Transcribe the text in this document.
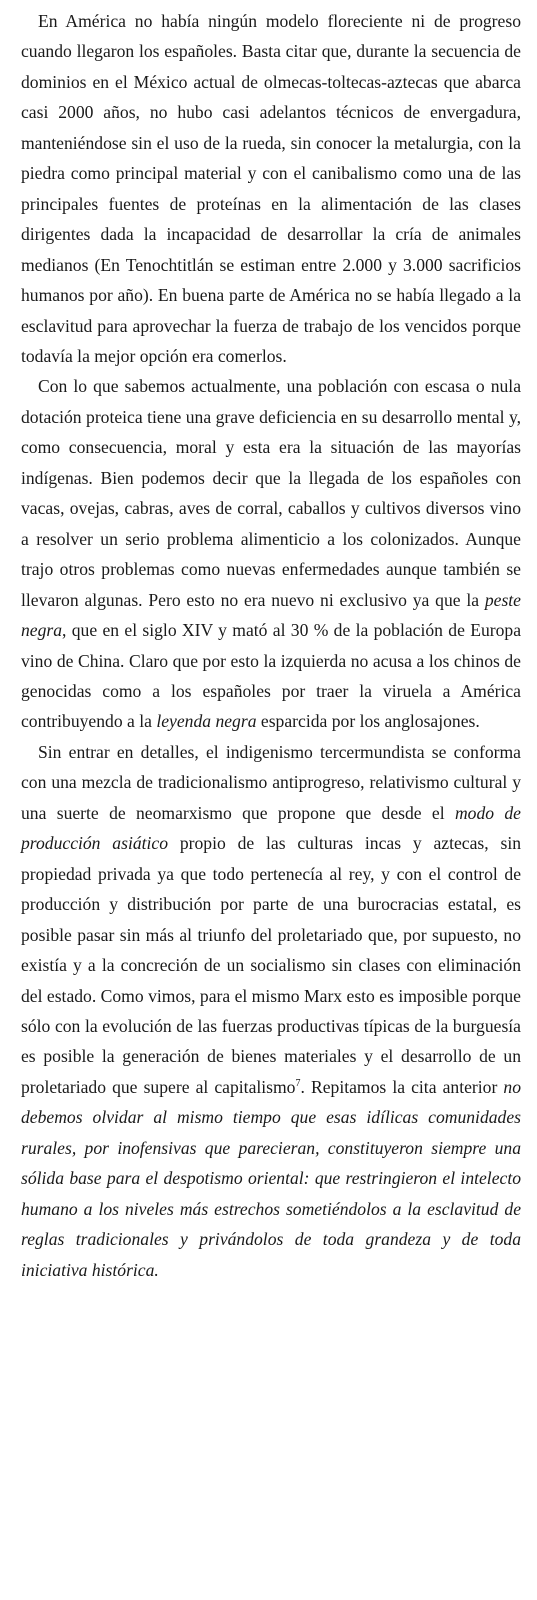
En América no había ningún modelo floreciente ni de progreso cuando llegaron los españoles. Basta citar que, durante la secuencia de dominios en el México actual de olmecas-toltecas-aztecas que abarca casi 2000 años, no hubo casi adelantos técnicos de envergadura, manteniéndose sin el uso de la rueda, sin conocer la metalurgia, con la piedra como principal material y con el canibalismo como una de las principales fuentes de proteínas en la alimentación de las clases dirigentes dada la incapacidad de desarrollar la cría de animales medianos (En Tenochtitlán se estiman entre 2.000 y 3.000 sacrificios humanos por año). En buena parte de América no se había llegado a la esclavitud para aprovechar la fuerza de trabajo de los vencidos porque todavía la mejor opción era comerlos.

Con lo que sabemos actualmente, una población con escasa o nula dotación proteica tiene una grave deficiencia en su desarrollo mental y, como consecuencia, moral y esta era la situación de las mayorías indígenas. Bien podemos decir que la llegada de los españoles con vacas, ovejas, cabras, aves de corral, caballos y cultivos diversos vino a resolver un serio problema alimenticio a los colonizados. Aunque trajo otros problemas como nuevas enfermedades aunque también se llevaron algunas. Pero esto no era nuevo ni exclusivo ya que la peste negra, que en el siglo XIV y mató al 30 % de la población de Europa vino de China. Claro que por esto la izquierda no acusa a los chinos de genocidas como a los españoles por traer la viruela a América contribuyendo a la leyenda negra esparcida por los anglosajones.

Sin entrar en detalles, el indigenismo tercermundista se conforma con una mezcla de tradicionalismo antiprogreso, relativismo cultural y una suerte de neomarxismo que propone que desde el modo de producción asiático propio de las culturas incas y aztecas, sin propiedad privada ya que todo pertenecía al rey, y con el control de producción y distribución por parte de una burocracias estatal, es posible pasar sin más al triunfo del proletariado que, por supuesto, no existía y a la concreción de un socialismo sin clases con eliminación del estado. Como vimos, para el mismo Marx esto es imposible porque sólo con la evolución de las fuerzas productivas típicas de la burguesía es posible la generación de bienes materiales y el desarrollo de un proletariado que supere al capitalismo$^7$. Repitamos la cita anterior no debemos olvidar al mismo tiempo que esas idílicas comunidades rurales, por inofensivas que parecieran, constituyeron siempre una sólida base para el despotismo oriental: que restringieron el intelecto humano a los niveles más estrechos sometiéndolos a la esclavitud de reglas tradicionales y privándolos de toda grandeza y de toda iniciativa histórica.
